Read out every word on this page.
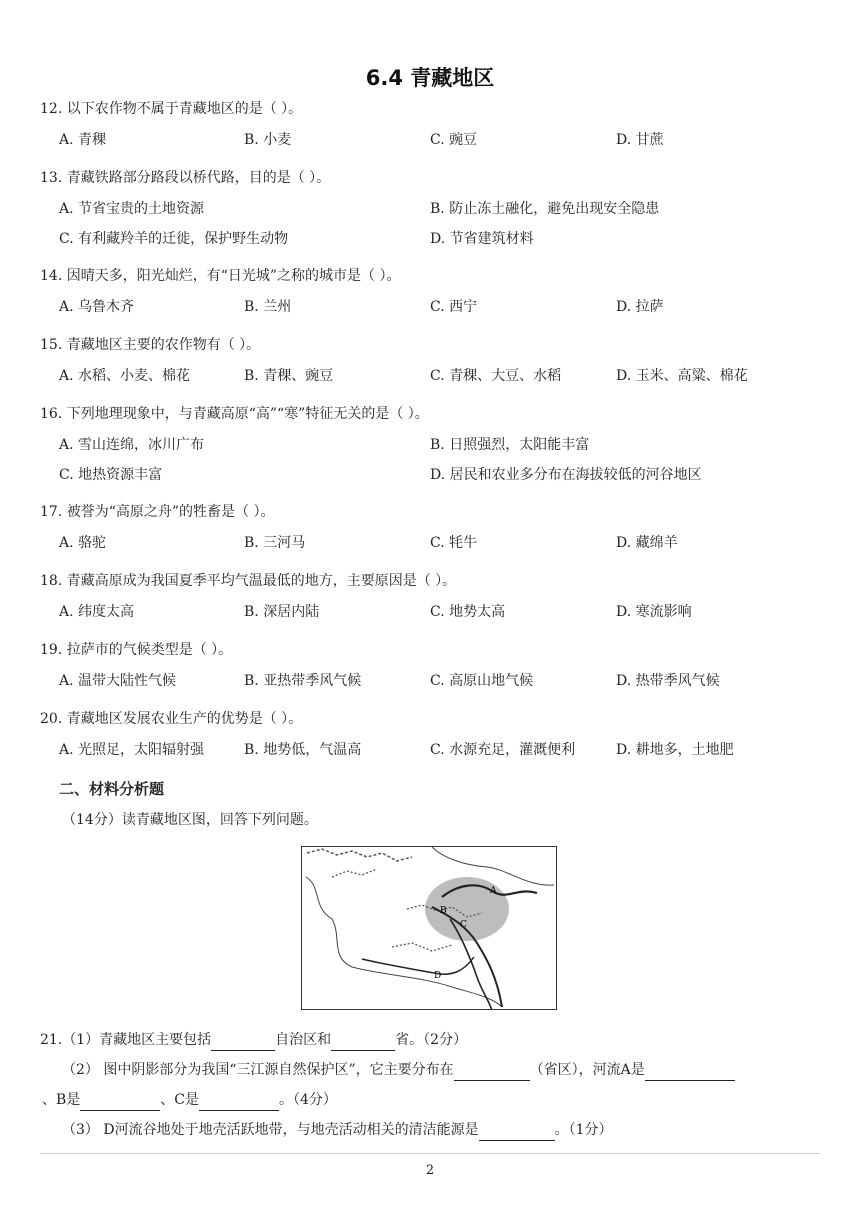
6.4 青藏地区
12. 以下农作物不属于青藏地区的是（ ）。
A. 青稞	B. 小麦	C. 豌豆	D. 甘蔗
13. 青藏铁路部分路段以桥代路，目的是（ ）。
A. 节省宝贵的土地资源	B. 防止冻土融化，避免出现安全隐患
C. 有利藏羚羊的迁徙，保护野生动物	D. 节省建筑材料
14. 因晴天多，阳光灿烂，有“日光城”之称的城市是（ ）。
A. 乌鲁木齐	B. 兰州	C. 西宁	D. 拉萨
15. 青藏地区主要的农作物有（ ）。
A. 水稻、小麦、棉花	B. 青稞、豌豆	C. 青稞、大豆、水稻	D. 玉米、高粱、棉花
16. 下列地理现象中，与青藏高原“高”“寒”特征无关的是（ ）。
A. 雪山连绵，冰川广布	B. 日照强烈，太阳能丰富
C. 地热资源丰富	D. 居民和农业多分布在海拔较低的河谷地区
17. 被誉为“高原之舟”的牲畜是（ ）。
A. 骆驼	B. 三河马	C. 牦牛	D. 藏绵羊
18. 青藏高原成为我国夏季平均气温最低的地方，主要原因是（ ）。
A. 纬度太高	B. 深居内陆	C. 地势太高	D. 寒流影响
19. 拉萨市的气候类型是（ ）。
A. 温带大陆性气候	B. 亚热带季风气候	C. 高原山地气候	D. 热带季风气候
20. 青藏地区发展农业生产的优势是（ ）。
A. 光照足，太阳辐射强	B. 地势低，气温高	C. 水源充足，灌溉便利	D. 耕地多，土地肥
二、材料分析题
（14分）读青藏地区图，回答下列问题。
A
B
C
D
21.（1）青藏地区主要包括	自治区和	省。（2分）
（2） 图中阴影部分为我国“三江源自然保护区”，它主要分布在	（省区），河流A是
、B是	、C是	。（4分）
（3） D河流谷地处于地壳活跃地带，与地壳活动相关的清洁能源是	。（1分）
2
